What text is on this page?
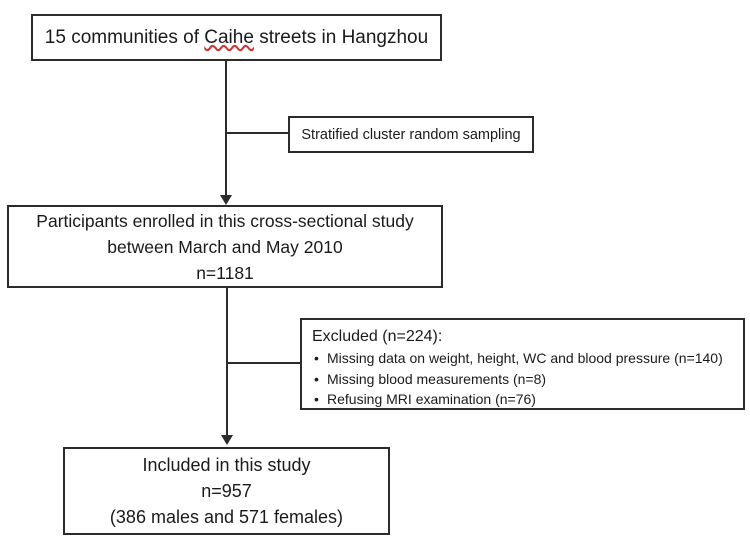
15 communities of Caihe streets in Hangzhou
Stratified cluster random sampling
Participants enrolled in this cross-sectional study
between March and May 2010
n=1181
Excluded (n=224):
• Missing data on weight, height, WC and blood pressure (n=140)
• Missing blood measurements (n=8)
• Refusing MRI examination (n=76)
Included in this study
n=957
(386 males and 571 females)
